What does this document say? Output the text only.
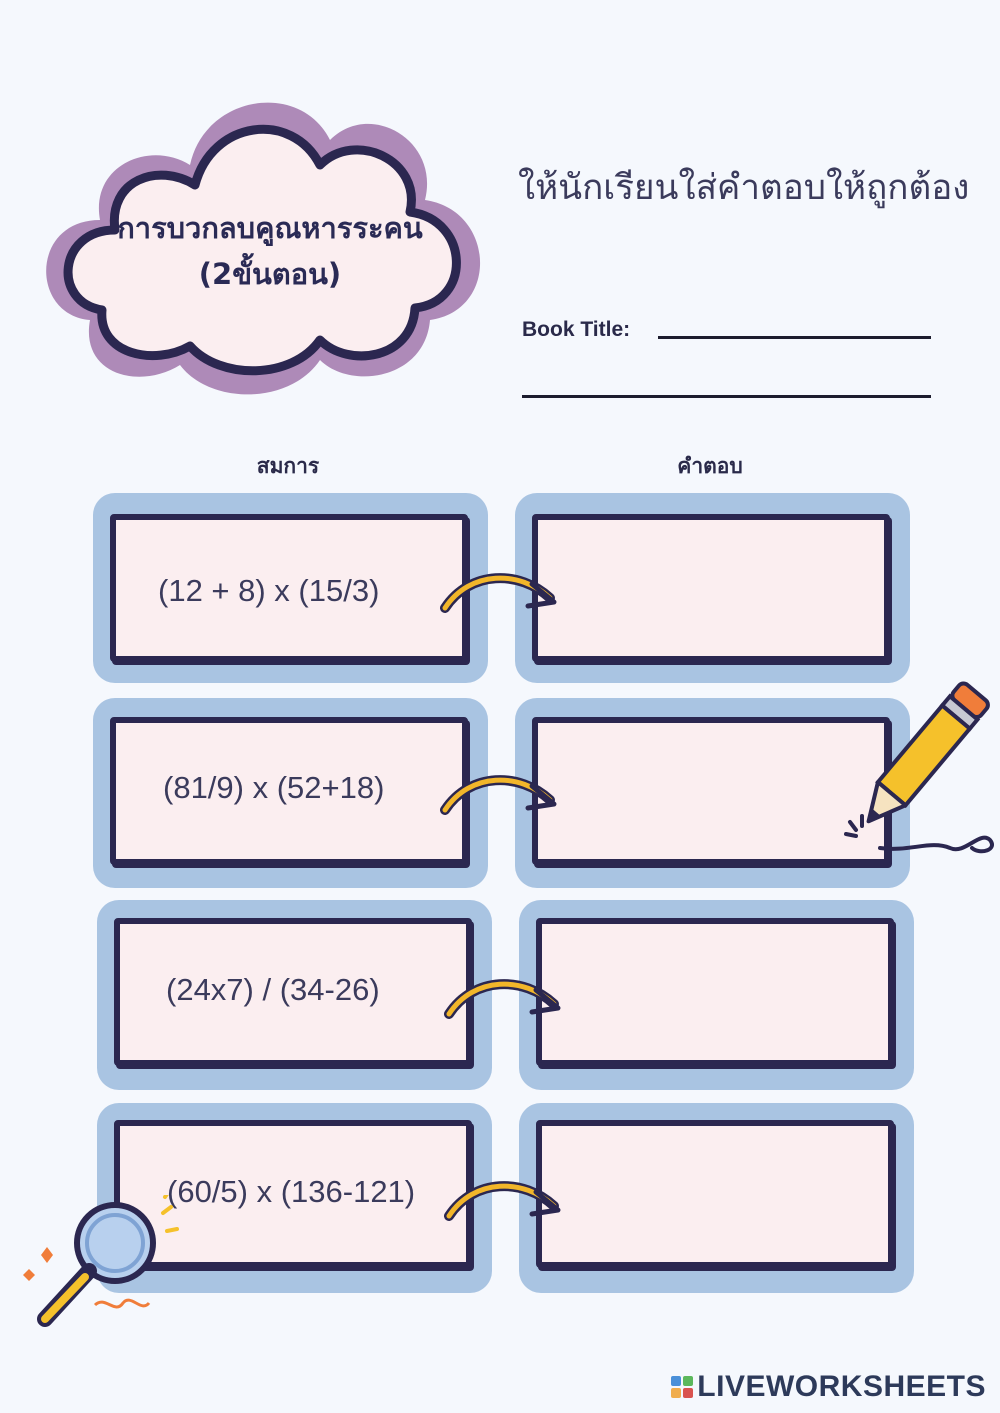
การบวกลบคูณหารระคน
(2ขั้นตอน)
ให้นักเรียนใส่คำตอบให้ถูกต้อง
Book Title:
สมการ	คำตอบ
(12 + 8) x (15/3)
(81/9) x (52+18)
(24x7) / (34-26)
(60/5) x (136-121)
LIVEWORKSHEETS
